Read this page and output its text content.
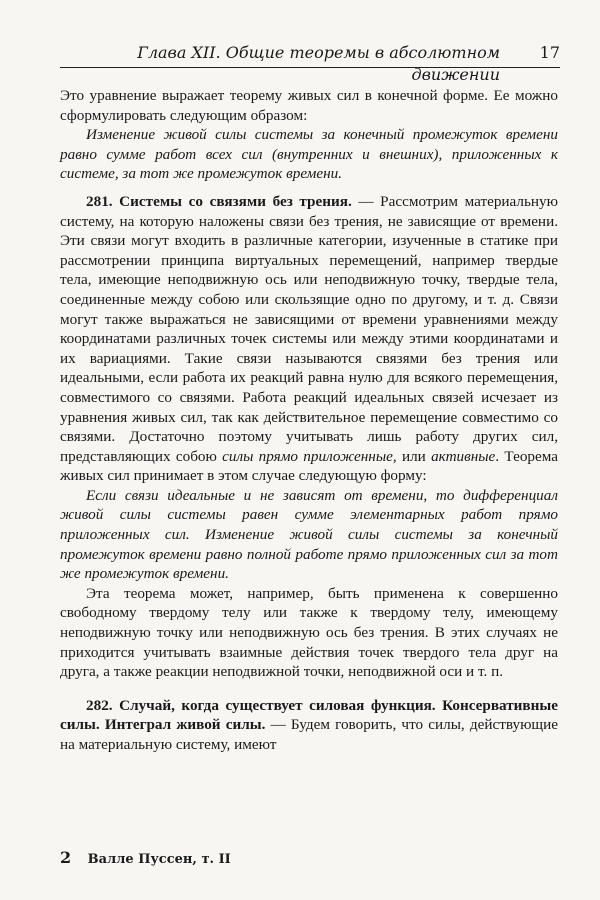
Глава XII. Общие теоремы в абсолютном движении
17

Это уравнение выражает теорему живых сил в конечной форме. Ее можно сформулировать следующим образом:

Изменение живой силы системы за конечный промежуток времени равно сумме работ всех сил (внутренних и внешних), приложенных к системе, за тот же промежуток времени.

281. Системы со связями без трения. — Рассмотрим материальную систему, на которую наложены связи без трения, не зависящие от времени. Эти связи могут входить в различные категории, изученные в статике при рассмотрении принципа виртуальных перемещений, например твердые тела, имеющие неподвижную ось или неподвижную точку, твердые тела, соединенные между собою или скользящие одно по другому, и т. д. Связи могут также выражаться не зависящими от времени уравнениями между координатами различных точек системы или между этими координатами и их вариациями. Такие связи называются связями без трения или идеальными, если работа их реакций равна нулю для всякого перемещения, совместимого со связями. Работа реакций идеальных связей исчезает из уравнения живых сил, так как действительное перемещение совместимо со связями. Достаточно поэтому учитывать лишь работу других сил, представляющих собою силы прямо приложенные, или активные. Теорема живых сил принимает в этом случае следующую форму:

Если связи идеальные и не зависят от времени, то дифференциал живой силы системы равен сумме элементарных работ прямо приложенных сил. Изменение живой силы системы за конечный промежуток времени равно полной работе прямо приложенных сил за тот же промежуток времени.

Эта теорема может, например, быть применена к совершенно свободному твердому телу или также к твердому телу, имеющему неподвижную точку или неподвижную ось без трения. В этих случаях не приходится учитывать взаимные действия точек твердого тела друг на друга, а также реакции неподвижной точки, неподвижной оси и т. п.

282. Случай, когда существует силовая функция. Консервативные силы. Интеграл живой силы. — Будем говорить, что силы, действующие на материальную систему, имеют

2 Валле Пуссен, т. II
